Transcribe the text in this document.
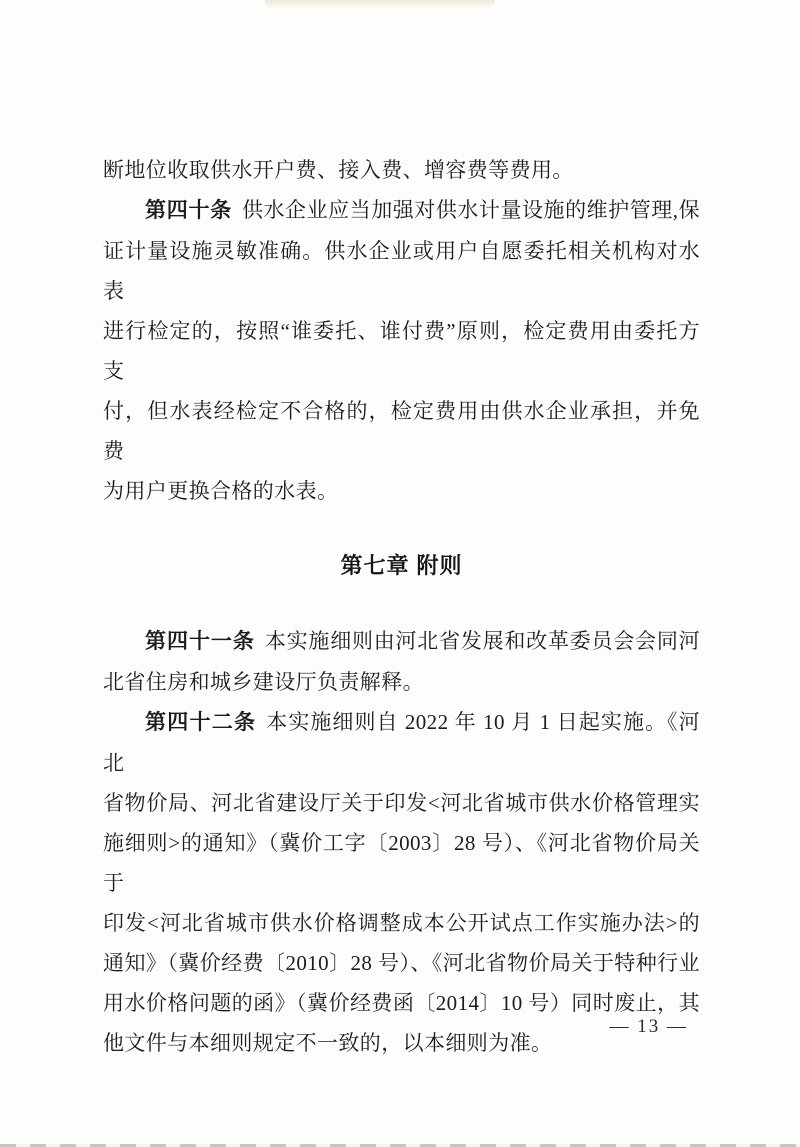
断地位收取供水开户费、接入费、增容费等费用。

第四十条 供水企业应当加强对供水计量设施的维护管理,保

证计量设施灵敏准确。供水企业或用户自愿委托相关机构对水表

进行检定的，按照“谁委托、谁付费”原则，检定费用由委托方支

付，但水表经检定不合格的，检定费用由供水企业承担，并免费

为用户更换合格的水表。

第七章 附则

第四十一条 本实施细则由河北省发展和改革委员会会同河

北省住房和城乡建设厅负责解释。

第四十二条 本实施细则自 2022 年 10 月 1 日起实施。《河北

省物价局、河北省建设厅关于印发<河北省城市供水价格管理实

施细则>的通知》（冀价工字〔2003〕28 号）、《河北省物价局关于

印发<河北省城市供水价格调整成本公开试点工作实施办法>的

通知》（冀价经费〔2010〕28 号）、《河北省物价局关于特种行业

用水价格问题的函》（冀价经费函〔2014〕10 号）同时废止，其

他文件与本细则规定不一致的，以本细则为准。

— 13 —
